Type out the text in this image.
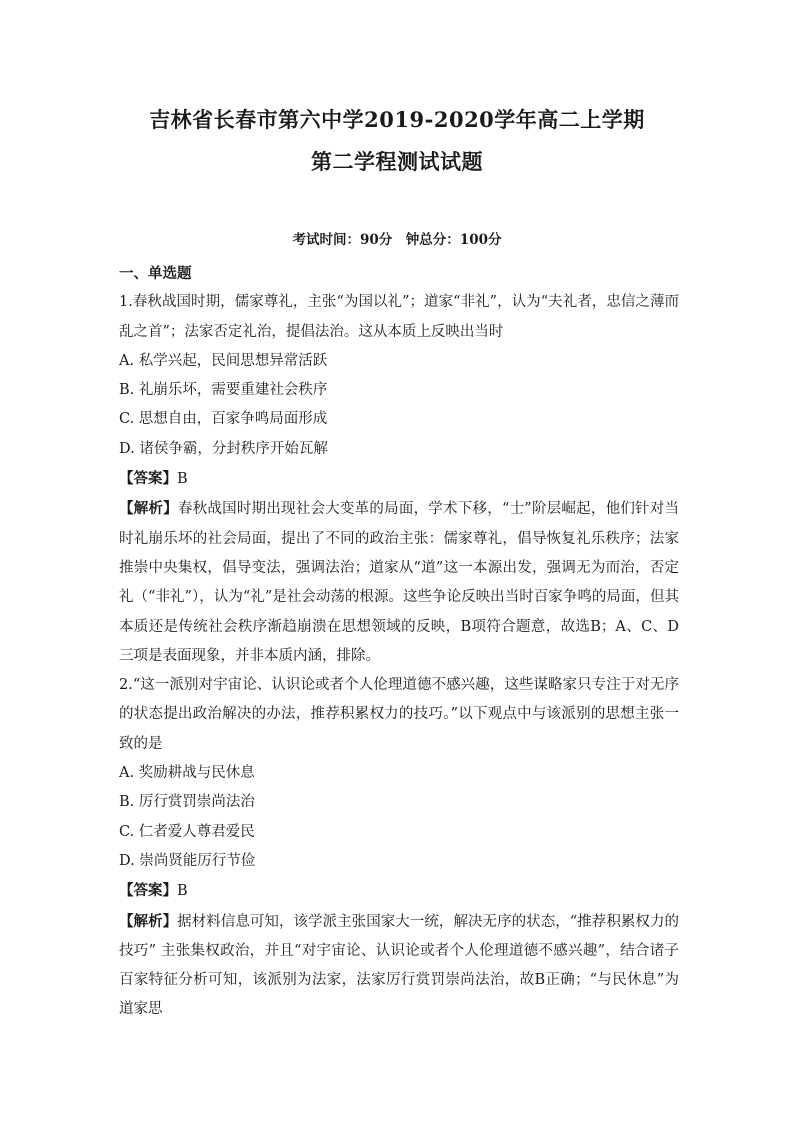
吉林省长春市第六中学2019-2020学年高二上学期
第二学程测试试题
考试时间：90分　钟总分：100分

一、单选题

1.春秋战国时期，儒家尊礼，主张“为国以礼”；道家“非礼”，认为“夫礼者，忠信之薄而乱之首”；法家否定礼治，提倡法治。这从本质上反映出当时

A. 私学兴起，民间思想异常活跃

B. 礼崩乐坏，需要重建社会秩序

C. 思想自由，百家争鸣局面形成

D. 诸侯争霸，分封秩序开始瓦解

【答案】B

【解析】春秋战国时期出现社会大变革的局面，学术下移，“士”阶层崛起，他们针对当时礼崩乐坏的社会局面，提出了不同的政治主张：儒家尊礼，倡导恢复礼乐秩序；法家推崇中央集权，倡导变法，强调法治；道家从“道”这一本源出发，强调无为而治，否定礼（“非礼”），认为“礼”是社会动荡的根源。这些争论反映出当时百家争鸣的局面，但其本质还是传统社会秩序渐趋崩溃在思想领域的反映，B项符合题意，故选B；A、C、D三项是表面现象，并非本质内涵，排除。

2.“这一派别对宇宙论、认识论或者个人伦理道德不感兴趣，这些谋略家只专注于对无序的状态提出政治解决的办法，推荐积累权力的技巧。”以下观点中与该派别的思想主张一致的是

A. 奖励耕战与民休息

B. 厉行赏罚崇尚法治

C. 仁者爱人尊君爱民

D. 崇尚贤能厉行节俭

【答案】B

【解析】据材料信息可知，该学派主张国家大一统，解决无序的状态，“推荐积累权力的技巧” 主张集权政治，并且“对宇宙论、认识论或者个人伦理道德不感兴趣”，结合诸子百家特征分析可知，该派别为法家，法家厉行赏罚崇尚法治，故B正确；“与民休息”为道家思
